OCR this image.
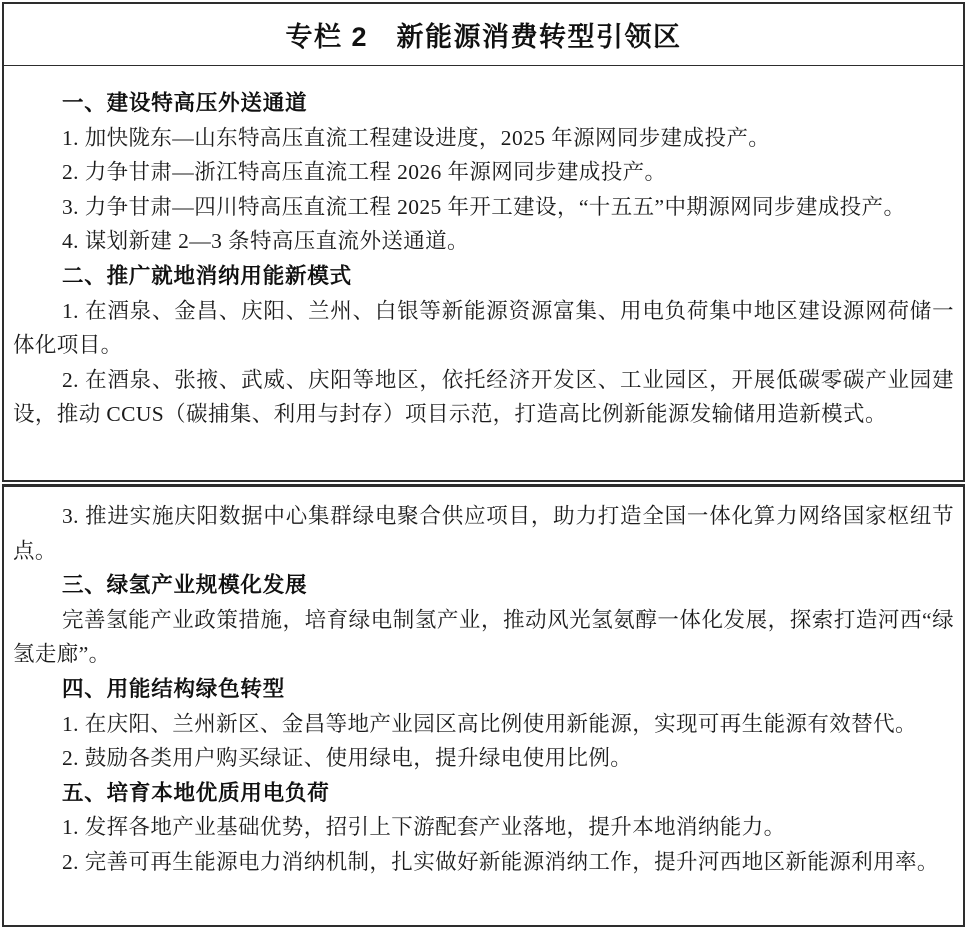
专栏 2　新能源消费转型引领区

一、建设特高压外送通道

1. 加快陇东—山东特高压直流工程建设进度，2025 年源网同步建成投产。

2. 力争甘肃—浙江特高压直流工程 2026 年源网同步建成投产。

3. 力争甘肃—四川特高压直流工程 2025 年开工建设，“十五五”中期源网同步建成投产。

4. 谋划新建 2—3 条特高压直流外送通道。

二、推广就地消纳用能新模式

1. 在酒泉、金昌、庆阳、兰州、白银等新能源资源富集、用电负荷集中地区建设源网荷储一体化项目。

2. 在酒泉、张掖、武威、庆阳等地区，依托经济开发区、工业园区，开展低碳零碳产业园建设，推动 CCUS（碳捕集、利用与封存）项目示范，打造高比例新能源发输储用造新模式。

3. 推进实施庆阳数据中心集群绿电聚合供应项目，助力打造全国一体化算力网络国家枢纽节点。

三、绿氢产业规模化发展

完善氢能产业政策措施，培育绿电制氢产业，推动风光氢氨醇一体化发展，探索打造河西“绿氢走廊”。

四、用能结构绿色转型

1. 在庆阳、兰州新区、金昌等地产业园区高比例使用新能源，实现可再生能源有效替代。

2. 鼓励各类用户购买绿证、使用绿电，提升绿电使用比例。

五、培育本地优质用电负荷

1. 发挥各地产业基础优势，招引上下游配套产业落地，提升本地消纳能力。

2. 完善可再生能源电力消纳机制，扎实做好新能源消纳工作，提升河西地区新能源利用率。
